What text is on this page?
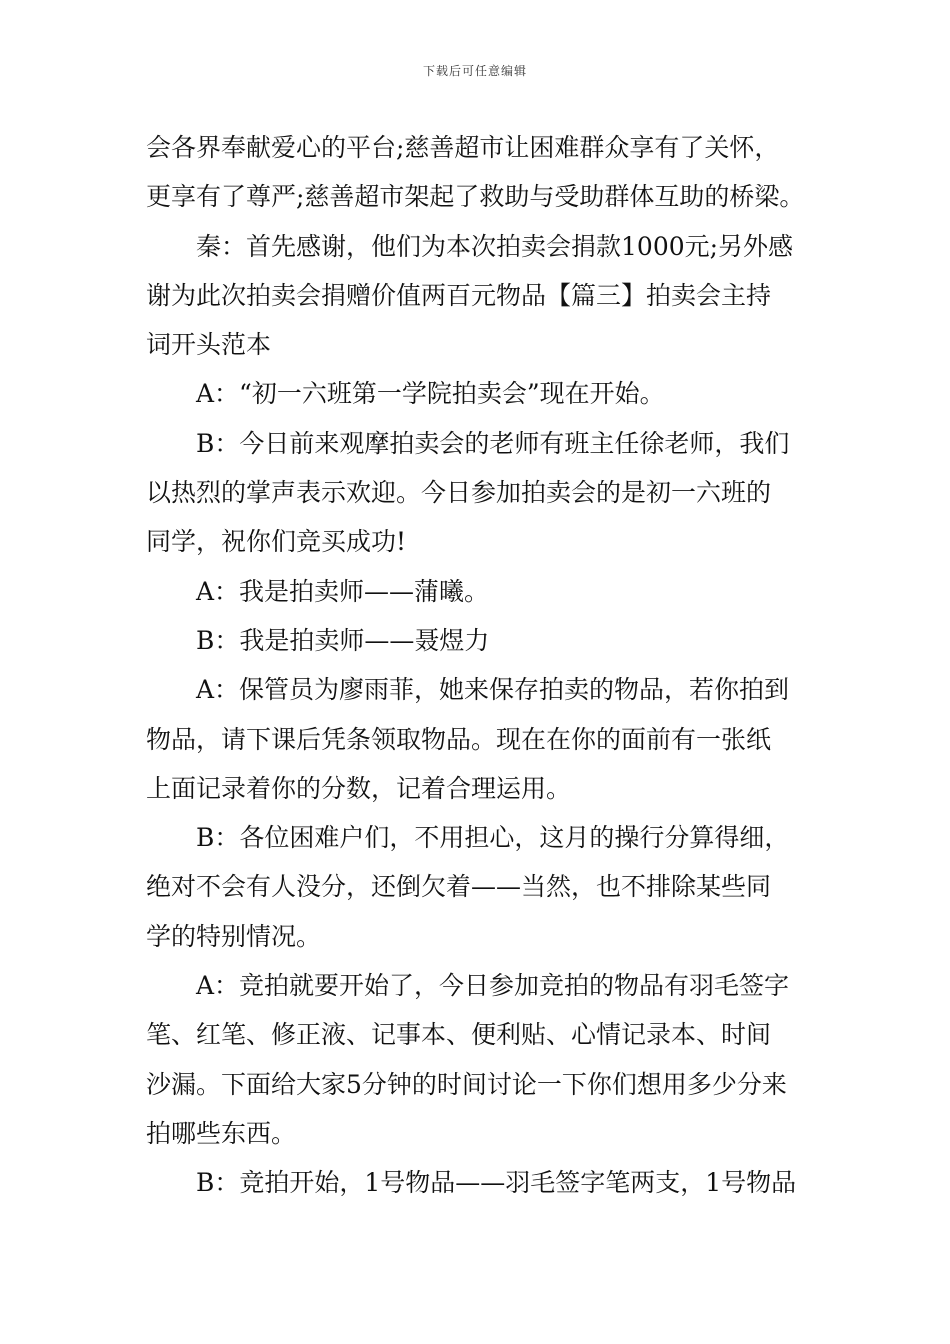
下载后可任意编辑
会各界奉献爱心的平台;慈善超市让困难群众享有了关怀，
更享有了尊严;慈善超市架起了救助与受助群体互助的桥梁。
秦：首先感谢，他们为本次拍卖会捐款1000元;另外感
谢为此次拍卖会捐赠价值两百元物品【篇三】拍卖会主持
词开头范本
A：“初一六班第一学院拍卖会”现在开始。
B：今日前来观摩拍卖会的老师有班主任徐老师，我们
以热烈的掌声表示欢迎。今日参加拍卖会的是初一六班的
同学，祝你们竞买成功!
A：我是拍卖师——蒲曦。
B：我是拍卖师——聂煜力
A：保管员为廖雨菲，她来保存拍卖的物品，若你拍到
物品，请下课后凭条领取物品。现在在你的面前有一张纸
上面记录着你的分数，记着合理运用。
B：各位困难户们，不用担心，这月的操行分算得细，
绝对不会有人没分，还倒欠着——当然，也不排除某些同
学的特别情况。
A：竞拍就要开始了，今日参加竞拍的物品有羽毛签字
笔、红笔、修正液、记事本、便利贴、心情记录本、时间
沙漏。下面给大家5分钟的时间讨论一下你们想用多少分来
拍哪些东西。
B：竞拍开始，1号物品——羽毛签字笔两支，1号物品
